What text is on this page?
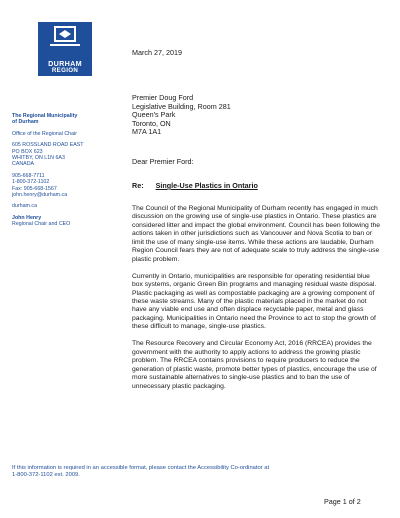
DURHAM
REGION
The Regional Municipality
of Durham
Office of the Regional Chair
605 ROSSLAND ROAD EAST
PO BOX 623
WHITBY, ON L1N 6A3
CANADA
905-668-7711
1-800-372-1102
Fax: 905-668-1567
john.henry@durham.ca
durham.ca
John Henry
Regional Chair and CEO
March 27, 2019
Premier Doug Ford
Legislative Building, Room 281
Queen's Park
Toronto, ON
M7A 1A1
Dear Premier Ford:
Re: Single-Use Plastics in Ontario

The Council of the Regional Municipality of Durham recently has engaged in much discussion on the growing use of single-use plastics in Ontario. These plastics are considered litter and impact the global environment. Council has been following the actions taken in other jurisdictions such as Vancouver and Nova Scotia to ban or limit the use of many single-use items. While these actions are laudable, Durham Region Council fears they are not of adequate scale to truly address the single-use plastic problem.

Currently in Ontario, municipalities are responsible for operating residential blue box systems, organic Green Bin programs and managing residual waste disposal. Plastic packaging as well as compostable packaging are a growing component of these waste streams. Many of the plastic materials placed in the market do not have any viable end use and often displace recyclable paper, metal and glass packaging. Municipalities in Ontario need the Province to act to stop the growth of these difficult to manage, single-use plastics.

The Resource Recovery and Circular Economy Act, 2016 (RRCEA) provides the government with the authority to apply actions to address the growing plastic problem. The RRCEA contains provisions to require producers to reduce the generation of plastic waste, promote better types of plastics, encourage the use of more sustainable alternatives to single-use plastics and to ban the use of unnecessary plastic packaging.

If this information is required in an accessible format, please contact the Accessibility Co-ordinator at
1-800-372-1102 ext. 2009.
Page 1 of 2
